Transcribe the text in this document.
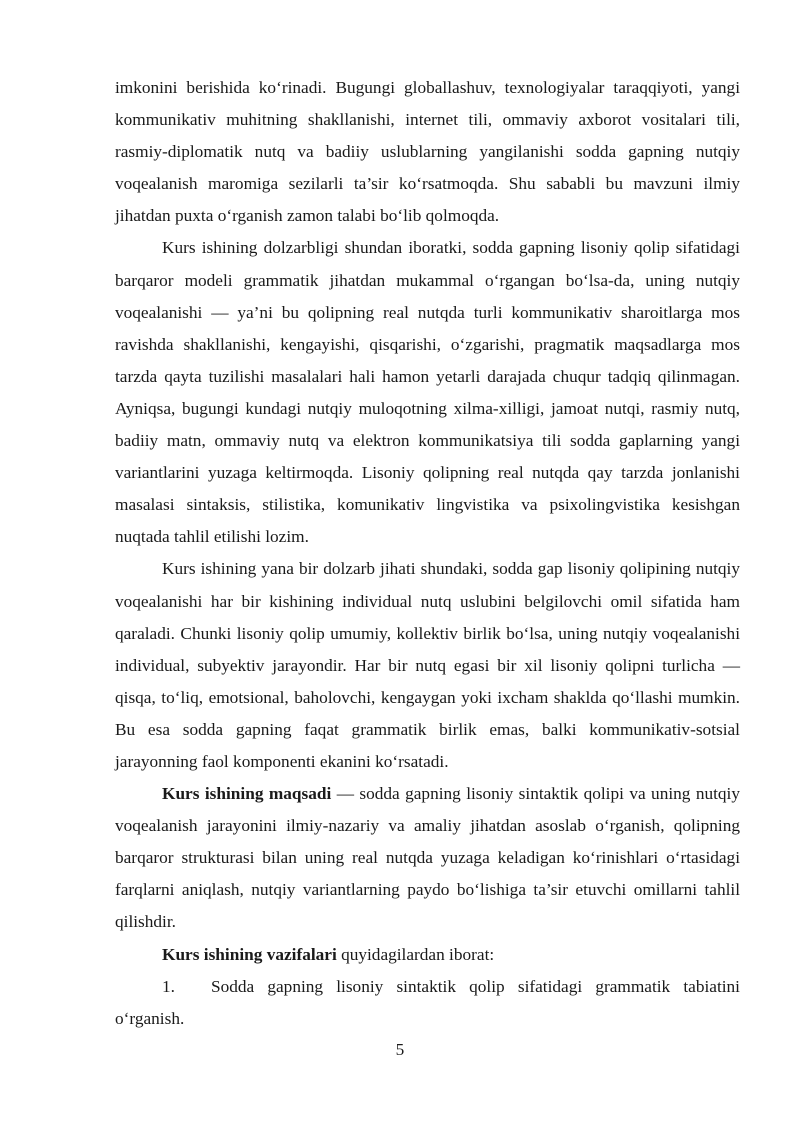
imkonini berishida ko‘rinadi. Bugungi globallashuv, texnologiyalar taraqqiyoti, yangi kommunikativ muhitning shakllanishi, internet tili, ommaviy axborot vositalari tili, rasmiy-diplomatik nutq va badiiy uslublarning yangilanishi sodda gapning nutqiy voqealanish maromiga sezilarli ta’sir ko‘rsatmoqda. Shu sababli bu mavzuni ilmiy jihatdan puxta o‘rganish zamon talabi bo‘lib qolmoqda.

Kurs ishining dolzarbligi shundan iboratki, sodda gapning lisoniy qolip sifatidagi barqaror modeli grammatik jihatdan mukammal o‘rgangan bo‘lsa-da, uning nutqiy voqealanishi — ya’ni bu qolipning real nutqda turli kommunikativ sharoitlarga mos ravishda shakllanishi, kengayishi, qisqarishi, o‘zgarishi, pragmatik maqsadlarga mos tarzda qayta tuzilishi masalalari hali hamon yetarli darajada chuqur tadqiq qilinmagan. Ayniqsa, bugungi kundagi nutqiy muloqotning xilma-xilligi, jamoat nutqi, rasmiy nutq, badiiy matn, ommaviy nutq va elektron kommunikatsiya tili sodda gaplarning yangi variantlarini yuzaga keltirmoqda. Lisoniy qolipning real nutqda qay tarzda jonlanishi masalasi sintaksis, stilistika, komunikativ lingvistika va psixolingvistika kesishgan nuqtada tahlil etilishi lozim.

Kurs ishining yana bir dolzarb jihati shundaki, sodda gap lisoniy qolipining nutqiy voqealanishi har bir kishining individual nutq uslubini belgilovchi omil sifatida ham qaraladi. Chunki lisoniy qolip umumiy, kollektiv birlik bo‘lsa, uning nutqiy voqealanishi individual, subyektiv jarayondir. Har bir nutq egasi bir xil lisoniy qolipni turlicha — qisqa, to‘liq, emotsional, baholovchi, kengaygan yoki ixcham shaklda qo‘llashi mumkin. Bu esa sodda gapning faqat grammatik birlik emas, balki kommunikativ-sotsial jarayonning faol komponenti ekanini ko‘rsatadi.

Kurs ishining maqsadi — sodda gapning lisoniy sintaktik qolipi va uning nutqiy voqealanish jarayonini ilmiy-nazariy va amaliy jihatdan asoslab o‘rganish, qolipning barqaror strukturasi bilan uning real nutqda yuzaga keladigan ko‘rinishlari o‘rtasidagi farqlarni aniqlash, nutqiy variantlarning paydo bo‘lishiga ta’sir etuvchi omillarni tahlil qilishdir.

Kurs ishining vazifalari quyidagilardan iborat:

1. Sodda gapning lisoniy sintaktik qolip sifatidagi grammatik tabiatini o‘rganish.

5
